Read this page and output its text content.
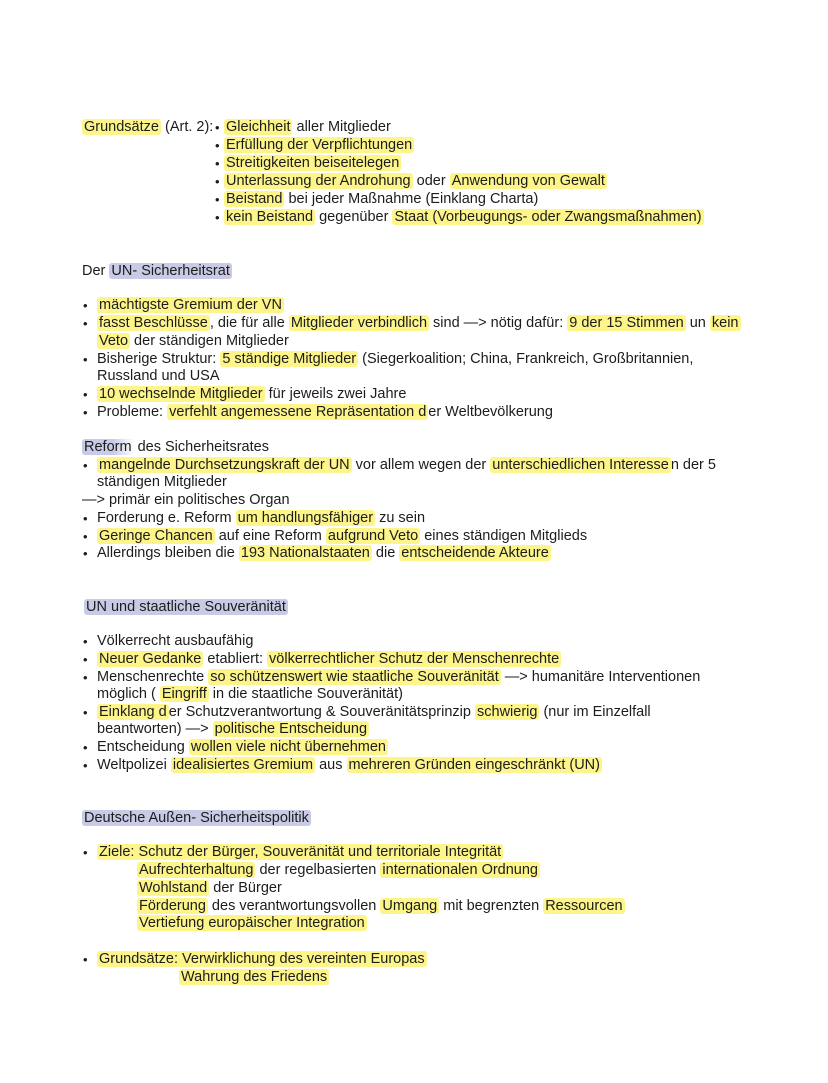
Grundsätze (Art. 2): • Gleichheit aller Mitglieder
• Erfüllung der Verpflichtungen
• Streitigkeiten beiseitelegen
• Unterlassung der Androhung oder Anwendung von Gewalt
• Beistand bei jeder Maßnahme (Einklang Charta)
• kein Beistand gegenüber Staat (Vorbeugungs- oder Zwangsmaßnahmen)
Der UN- Sicherheitsrat
• mächtigste Gremium der VN
• fasst Beschlüsse , die für alle Mitglieder verbindlich sind —> nötig dafür: 9 der 15 Stimmen un kein
Veto der ständigen Mitglieder
• Bisherige Struktur: 5 ständige Mitglieder (Siegerkoalition; China, Frankreich, Großbritannien,
Russland und USA
• 10 wechselnde Mitglieder für jeweils zwei Jahre
• Probleme: verfehlt angemessene Repräsentation d er Weltbevölkerung
Reform des Sicherheitsrates
• mangelnde Durchsetzungskraft der UN vor allem wegen der unterschiedlichen Interesse n der 5
ständigen Mitglieder
—> primär ein politisches Organ
• Forderung e. Reform um handlungsfähiger zu sein
• Geringe Chancen auf eine Reform aufgrund Veto eines ständigen Mitglieds
• Allerdings bleiben die 193 Nationalstaaten die entscheidende Akteure
UN und staatliche Souveränität
• Völkerrecht ausbaufähig
• Neuer Gedanke etabliert: völkerrechtlicher Schutz der Menschenrechte
• Menschenrechte so schützenswert wie staatliche Souveränität —> humanitäre Interventionen
möglich ( Eingriff in die staatliche Souveränität)
• Einklang d er Schutzverantwortung & Souveränitätsprinzip schwierig (nur im Einzelfall
beantworten) —> politische Entscheidung
• Entscheidung wollen viele nicht übernehmen
• Weltpolizei idealisiertes Gremium aus mehreren Gründen eingeschränkt (UN)
Deutsche Außen- Sicherheitspolitik
• Ziele: Schutz der Bürger, Souveränität und territoriale Integrität
Aufrechterhaltung der regelbasierten internationalen Ordnung
Wohlstand der Bürger
Förderung des verantwortungsvollen Umgang mit begrenzten Ressourcen
Vertiefung europäischer Integration
• Grundsätze: Verwirklichung des vereinten Europas
Wahrung des Friedens
